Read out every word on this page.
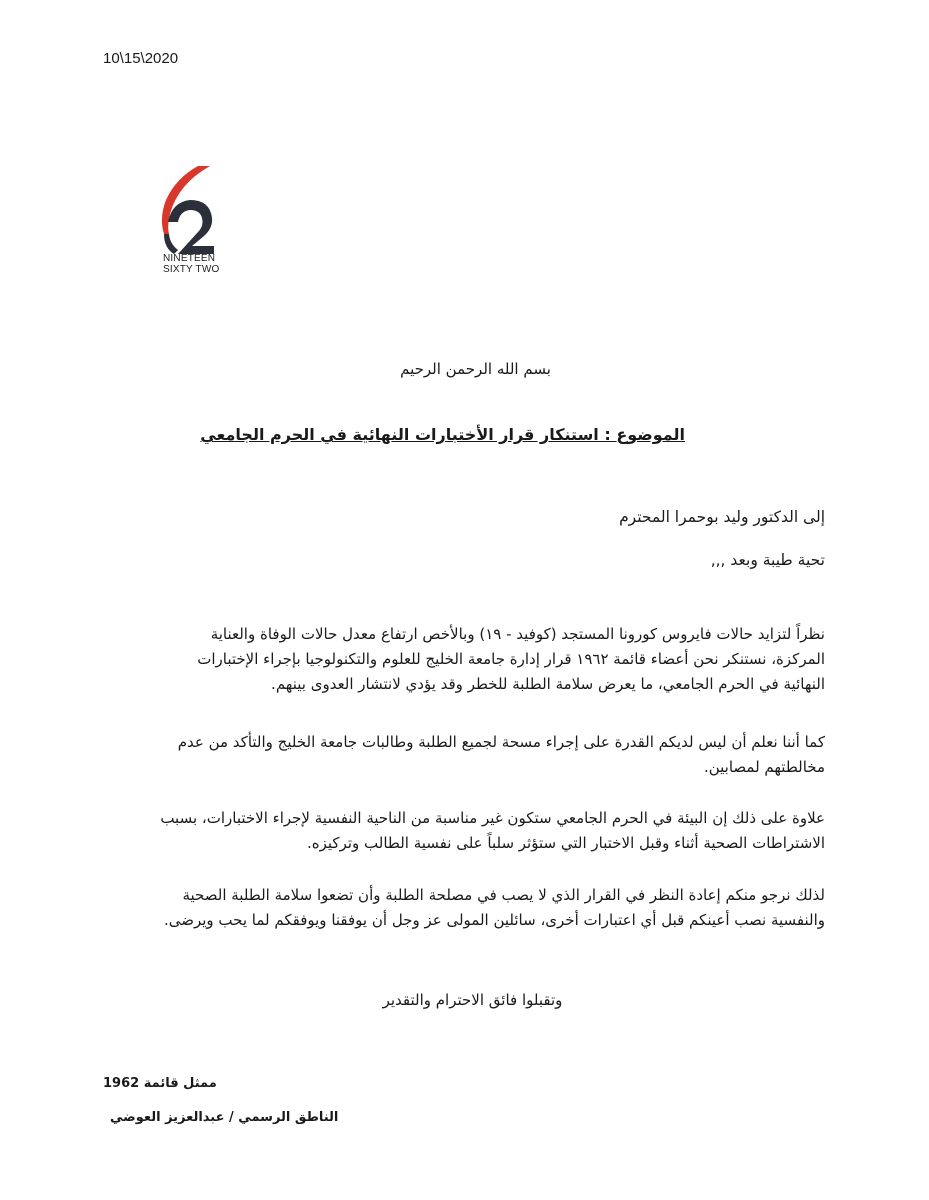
10\15\2020
NINETEEN
SIXTY TWO
بسم الله الرحمن الرحيم
الموضوع : استنكار قرار الأختبارات النهائية في الحرم الجامعي
إلى الدكتور وليد بوحمرا المحترم
تحية طيبة وبعد ,,,
نظراً لتزايد حالات فايروس كورونا المستجد (كوفيد - ١٩) وبالأخص ارتفاع معدل حالات الوفاة والعناية
المركزة، نستنكر نحن أعضاء قائمة ١٩٦٢ قرار إدارة جامعة الخليج للعلوم والتكنولوجيا بإجراء الإختبارات
النهائية في الحرم الجامعي، ما يعرض سلامة الطلبة للخطر وقد يؤدي لانتشار العدوى بينهم.
كما أننا نعلم أن ليس لديكم القدرة على إجراء مسحة لجميع الطلبة وطالبات جامعة الخليج والتأكد من عدم
مخالطتهم لمصابين.
علاوة على ذلك إن البيئة في الحرم الجامعي ستكون غير مناسبة من الناحية النفسية لإجراء الاختبارات، بسبب
الاشتراطات الصحية أثناء وقبل الاختبار التي ستؤثر سلباً على نفسية الطالب وتركيزه.
لذلك نرجو منكم إعادة النظر في القرار الذي لا يصب في مصلحة الطلبة وأن تضعوا سلامة الطلبة الصحية
والنفسية نصب أعينكم قبل أي اعتبارات أخرى، سائلين المولى عز وجل أن يوفقنا ويوفقكم لما يحب ويرضى.
وتقبلوا فائق الاحترام والتقدير
ممثل قائمة 1962
الناطق الرسمي / عبدالعزيز العوضي
